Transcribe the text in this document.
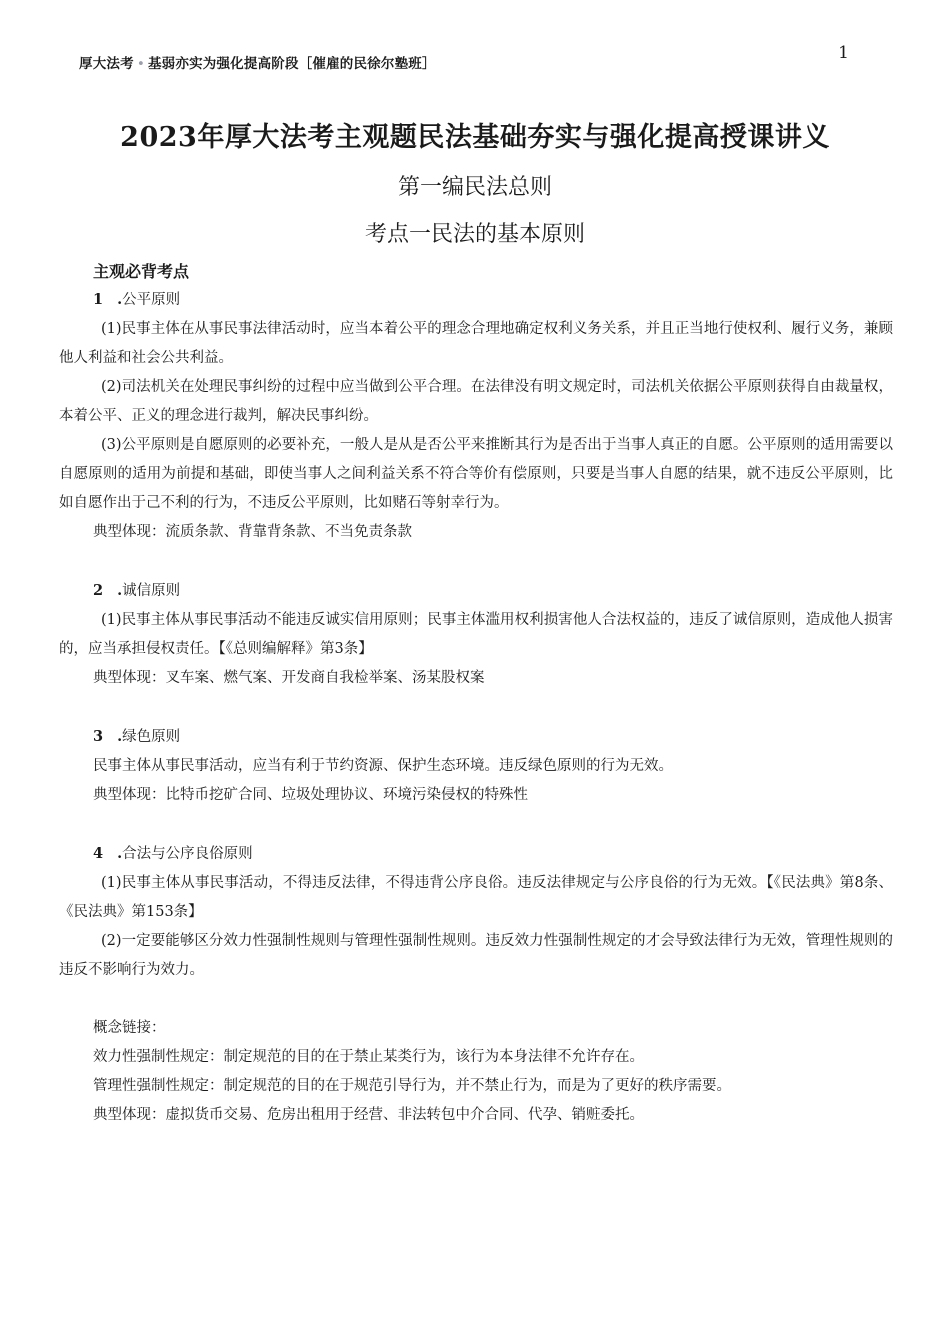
厚大法考 • 基弱亦实为强化提高阶段［催雇的民徐尔塾班］
1
2023年厚大法考主观题民法基础夯实与强化提高授课讲义
第一编民法总则
考点一民法的基本原则
主观必背考点

1 .公平原则

(1)民事主体在从事民事法律活动时，应当本着公平的理念合理地确定权利义务关系，并且正当地行使权利、履行义务，兼顾他人利益和社会公共利益。

(2)司法机关在处理民事纠纷的过程中应当做到公平合理。在法律没有明文规定时，司法机关依据公平原则获得自由裁量权，本着公平、正义的理念进行裁判，解决民事纠纷。

(3)公平原则是自愿原则的必要补充，一般人是从是否公平来推断其行为是否出于当事人真正的自愿。公平原则的适用需要以自愿原则的适用为前提和基础，即使当事人之间利益关系不符合等价有偿原则，只要是当事人自愿的结果，就不违反公平原则，比如自愿作出于己不利的行为，不违反公平原则，比如赌石等射幸行为。

典型体现：流质条款、背靠背条款、不当免责条款

2 .诚信原则

(1)民事主体从事民事活动不能违反诚实信用原则；民事主体滥用权利损害他人合法权益的，违反了诚信原则，造成他人损害的，应当承担侵权责任。【《总则编解释》第3条】

典型体现：叉车案、燃气案、开发商自我检举案、汤某股权案

3 .绿色原则

民事主体从事民事活动，应当有利于节约资源、保护生态环境。违反绿色原则的行为无效。

典型体现：比特币挖矿合同、垃圾处理协议、环境污染侵权的特殊性

4 .合法与公序良俗原则

(1)民事主体从事民事活动，不得违反法律，不得违背公序良俗。违反法律规定与公序良俗的行为无效。【《民法典》第8条、《民法典》第153条】

(2)一定要能够区分效力性强制性规则与管理性强制性规则。违反效力性强制性规定的才会导致法律行为无效，管理性规则的违反不影响行为效力。

概念链接：

效力性强制性规定：制定规范的目的在于禁止某类行为，该行为本身法律不允许存在。

管理性强制性规定：制定规范的目的在于规范引导行为，并不禁止行为，而是为了更好的秩序需要。

典型体现：虚拟货币交易、危房出租用于经营、非法转包中介合同、代孕、销赃委托。
